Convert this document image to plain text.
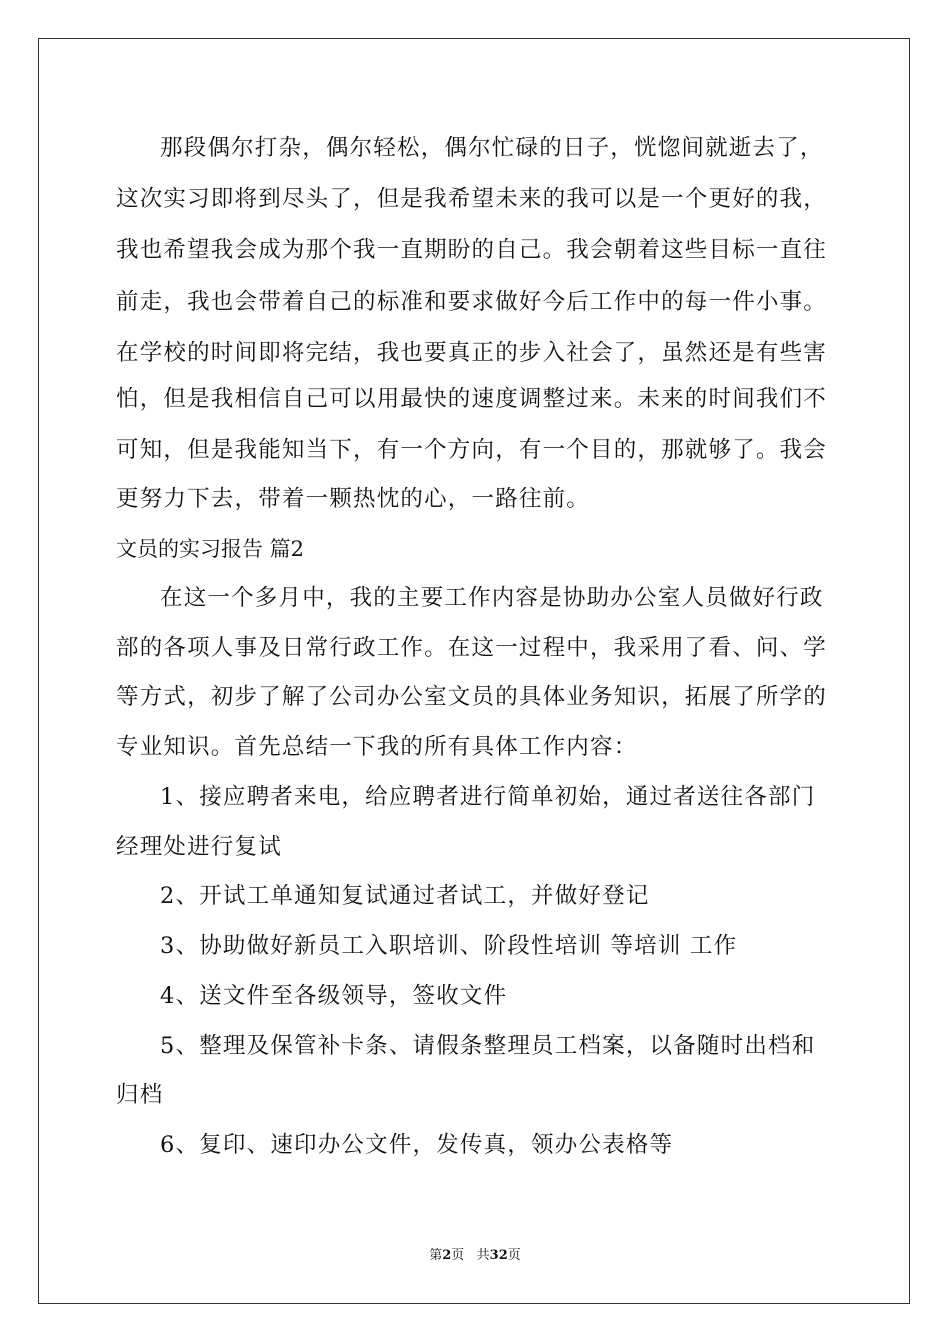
那段偶尔打杂，偶尔轻松，偶尔忙碌的日子，恍惚间就逝去了，
这次实习即将到尽头了，但是我希望未来的我可以是一个更好的我，
我也希望我会成为那个我一直期盼的自己。我会朝着这些目标一直往
前走，我也会带着自己的标准和要求做好今后工作中的每一件小事。
在学校的时间即将完结，我也要真正的步入社会了，虽然还是有些害
怕，但是我相信自己可以用最快的速度调整过来。未来的时间我们不
可知，但是我能知当下，有一个方向，有一个目的，那就够了。我会
更努力下去，带着一颗热忱的心，一路往前。
文员的实习报告 篇2
在这一个多月中，我的主要工作内容是协助办公室人员做好行政
部的各项人事及日常行政工作。在这一过程中，我采用了看、问、学
等方式，初步了解了公司办公室文员的具体业务知识，拓展了所学的
专业知识。首先总结一下我的所有具体工作内容：
1、接应聘者来电，给应聘者进行简单初始，通过者送往各部门
经理处进行复试
2、开试工单通知复试通过者试工，并做好登记
3、协助做好新员工入职培训、阶段性培训 等培训 工作
4、送文件至各级领导，签收文件
5、整理及保管补卡条、请假条整理员工档案，以备随时出档和
归档
6、复印、速印办公文件，发传真，领办公表格等
第2页   共32页
